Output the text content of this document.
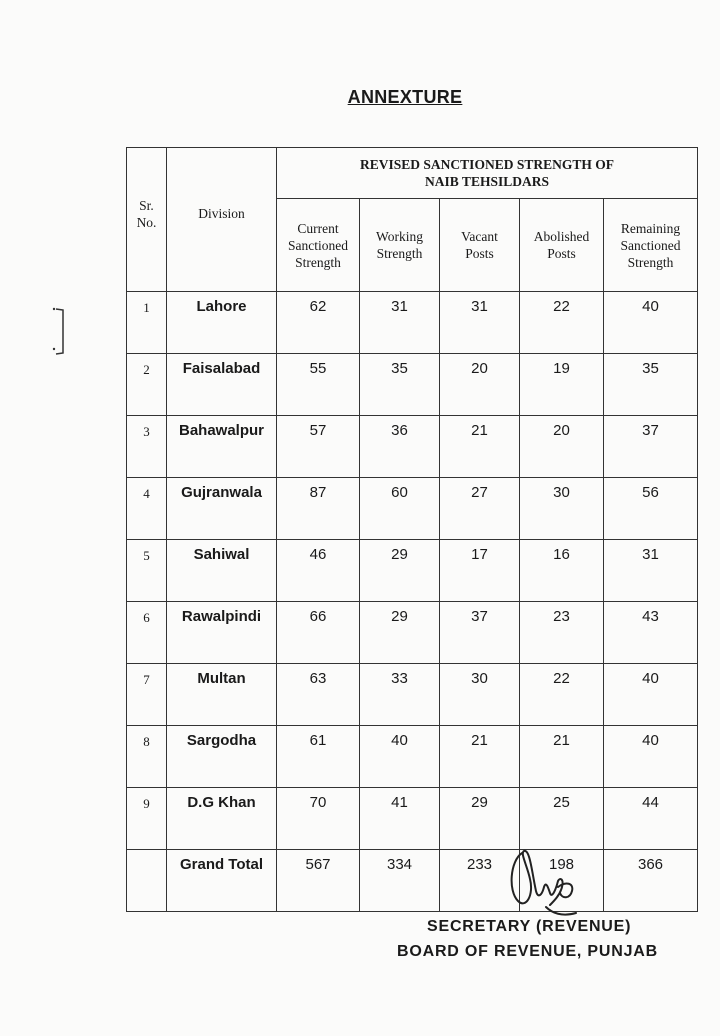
ANNEXTURE
Sr.
No.	Division	REVISED SANCTIONED STRENGTH OF
NAIB TEHSILDARS				

		Current
Sanctioned
Strength	Working
Strength	Vacant
Posts	Abolished
Posts	Remaining
Sanctioned
Strength

1	Lahore	62	31	31	22	40
2	Faisalabad	55	35	20	19	35
3	Bahawalpur	57	36	21	20	37
4	Gujranwala	87	60	27	30	56
5	Sahiwal	46	29	17	16	31
6	Rawalpindi	66	29	37	23	43
7	Multan	63	33	30	22	40
8	Sargodha	61	40	21	21	40
9	D.G Khan	70	41	29	25	44
	Grand Total	567	334	233	198	366
SECRETARY (REVENUE)
BOARD OF REVENUE, PUNJAB
